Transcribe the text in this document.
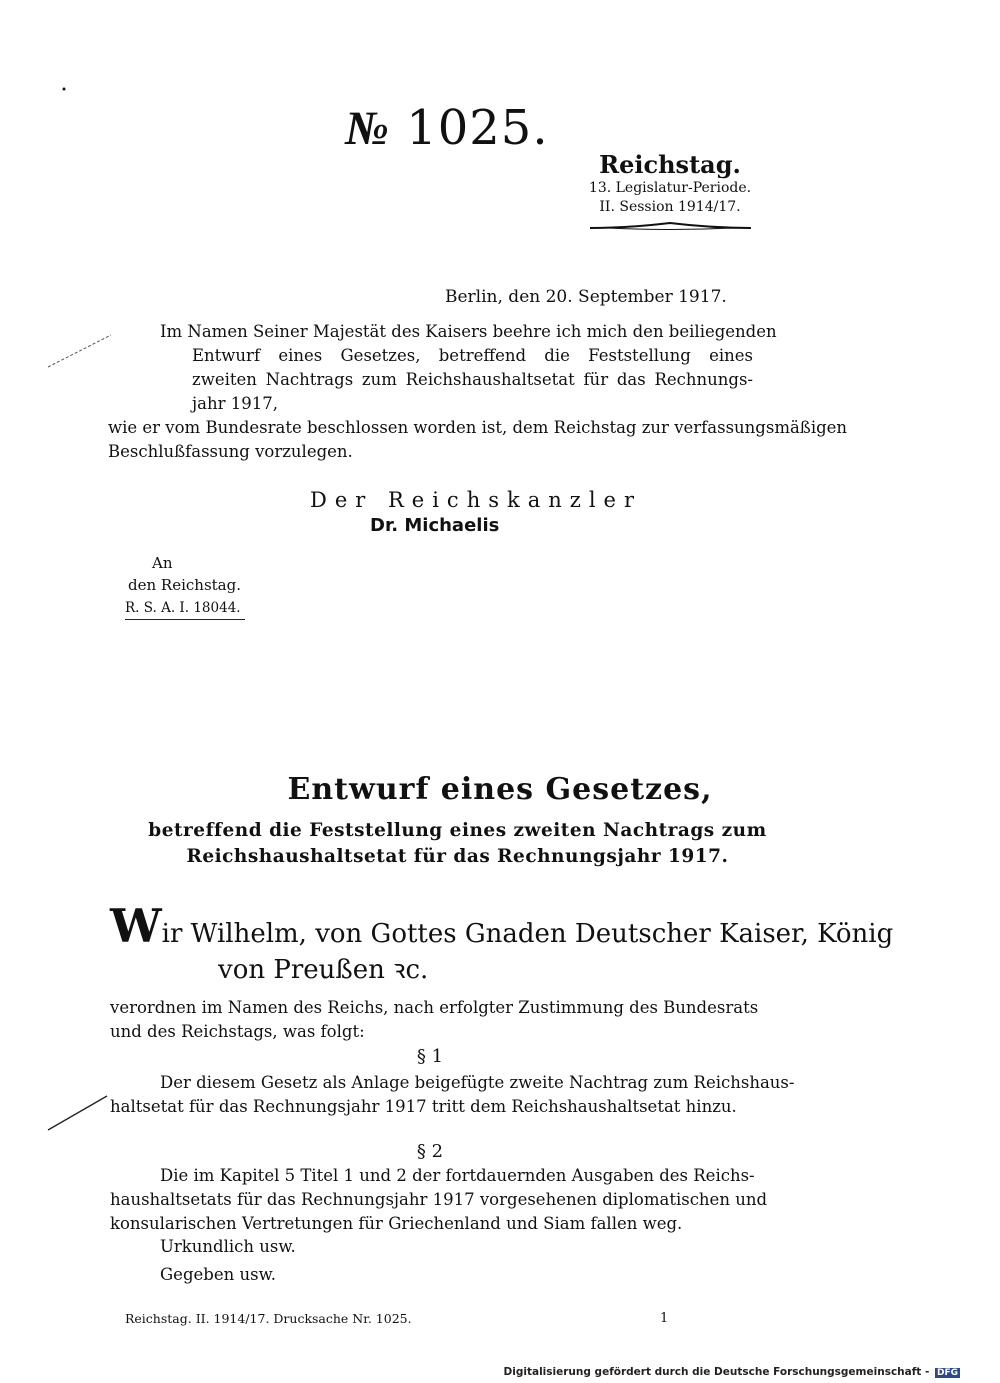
№ 1025.
Reichstag.
13. Legislatur-Periode.
II. Session 1914/17.
Berlin, den 20. September 1917.

Im Namen Seiner Majestät des Kaisers beehre ich mich den beiliegenden

Entwurf eines Gesetzes, betreffend die Feststellung eines

zweiten Nachtrags zum Reichshaushaltsetat für das Rechnungs-

jahr 1917,

wie er vom Bundesrate beschlossen worden ist, dem Reichstag zur verfassungsmäßigen

Beschlußfassung vorzulegen.

Der Reichskanzler
Dr. Michaelis
An
den Reichstag.
R. S. A. I. 18044.
Entwurf eines Gesetzes,
betreffend die Feststellung eines zweiten Nachtrags zum
Reichshaushaltsetat für das Rechnungsjahr 1917.
Wir Wilhelm, von Gottes Gnaden Deutscher Kaiser, König
von Preußen ꝛc.

verordnen im Namen des Reichs, nach erfolgter Zustimmung des Bundesrats

und des Reichstags, was folgt:

§ 1

Der diesem Gesetz als Anlage beigefügte zweite Nachtrag zum Reichshaus-

haltsetat für das Rechnungsjahr 1917 tritt dem Reichshaushaltsetat hinzu.

§ 2

Die im Kapitel 5 Titel 1 und 2 der fortdauernden Ausgaben des Reichs-

haushaltsetats für das Rechnungsjahr 1917 vorgesehenen diplomatischen und

konsularischen Vertretungen für Griechenland und Siam fallen weg.

Urkundlich usw.
Gegeben usw.
Reichstag. II. 1914/17. Drucksache Nr. 1025.	1
Digitalisierung gefördert durch die Deutsche Forschungsgemeinschaft - DFG
